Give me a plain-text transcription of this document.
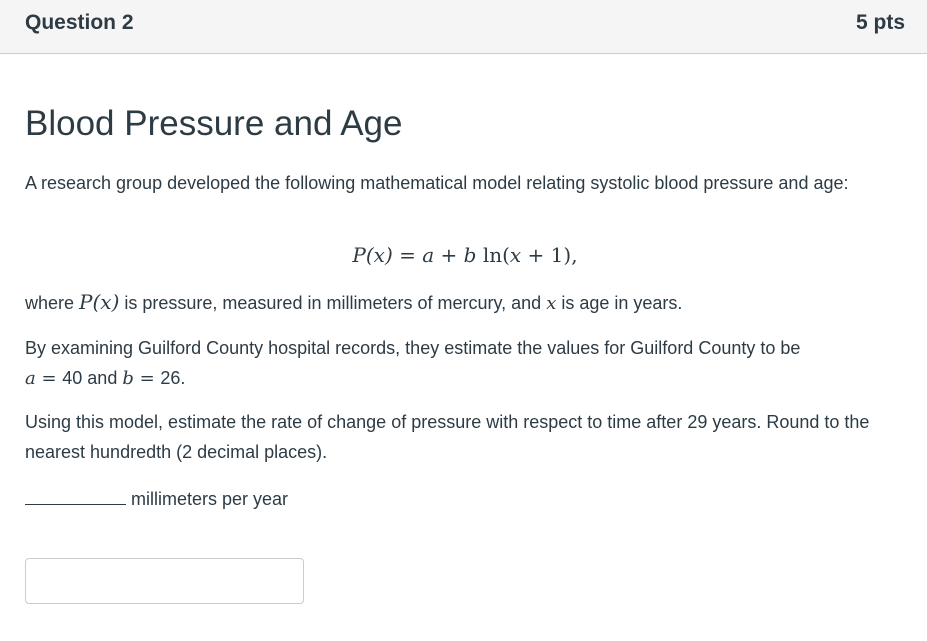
Question 2	5 pts
Blood Pressure and Age
A research group developed the following mathematical model relating systolic blood pressure and age:
P(x) = a + b ln(x + 1),
where P(x) is pressure, measured in millimeters of mercury, and x is age in years.
By examining Guilford County hospital records, they estimate the values for Guilford County to be
a = 40 and b = 26.
Using this model, estimate the rate of change of pressure with respect to time after 29 years. Round to the nearest hundredth (2 decimal places).
millimeters per year
